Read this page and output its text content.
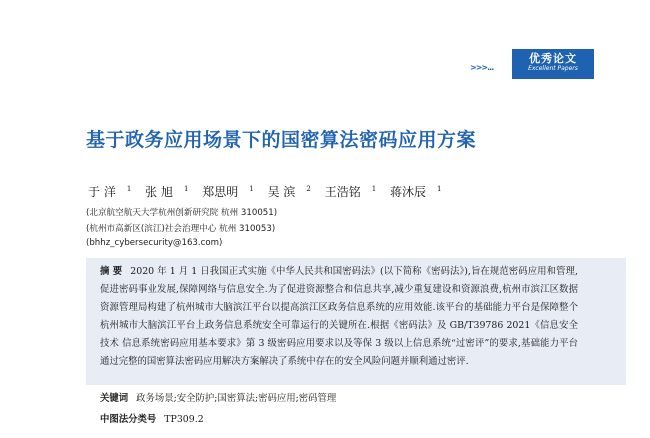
优秀论文
Excellent Papers
>>>...
基于政务应用场景下的国密算法密码应用方案
于 洋 $^1$ 张 旭 $^1$ 郑思明 $^1$ 吴 滨 $^2$ 王浩铭 $^1$ 蒋沐辰 $^1$
(北京航空航天大学杭州创新研究院 杭州 310051)
(杭州市高新区(滨江)社会治理中心 杭州 310053)
(bhhz_cybersecurity@163.com)
摘 要 2020 年 1 月 1 日我国正式实施《中华人民共和国密码法》(以下简称《密码法》),旨在规范密码应用和管理,促进密码事业发展,保障网络与信息安全.为了促进资源整合和信息共享,减少重复建设和资源浪费,杭州市滨江区数据资源管理局构建了杭州城市大脑滨江平台以提高滨江区政务信息系统的应用效能.该平台的基础能力平台是保障整个杭州城市大脑滨江平台上政务信息系统安全可靠运行的关键所在.根据《密码法》及 GB/T39786 2021《信息安全技术 信息系统密码应用基本要求》第 3 级密码应用要求以及等保 3 级以上信息系统“过密评”的要求,基础能力平台通过完整的国密算法密码应用解决方案解决了系统中存在的安全风险问题并顺利通过密评.
关键词 政务场景;安全防护;国密算法;密码应用;密码管理
中图法分类号 TP309.2
